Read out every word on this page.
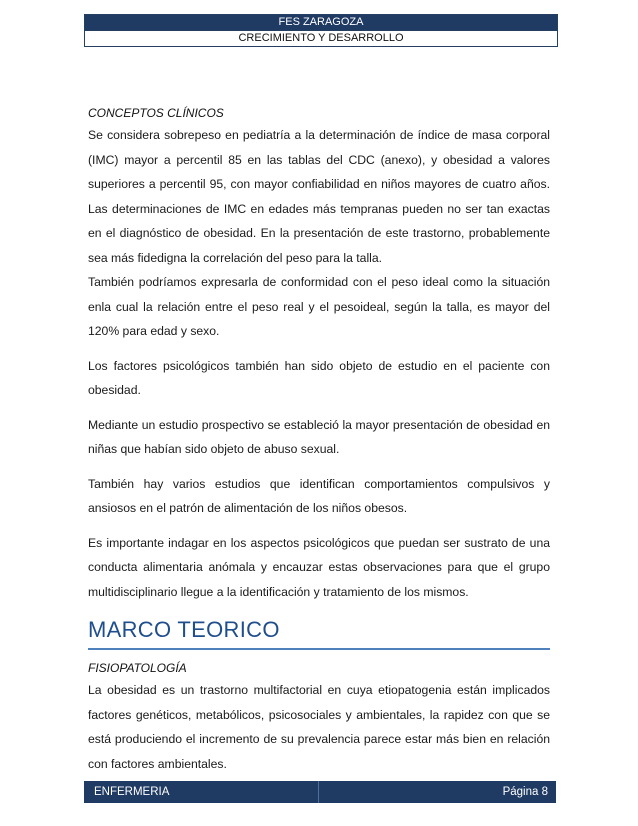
FES ZARAGOZA
CRECIMIENTO Y DESARROLLO
CONCEPTOS CLÍNICOS

Se considera sobrepeso en pediatría a la determinación de índice de masa corporal (IMC) mayor a percentil 85 en las tablas del CDC (anexo), y obesidad a valores superiores a percentil 95, con mayor confiabilidad en niños mayores de cuatro años. Las determinaciones de IMC en edades más tempranas pueden no ser tan exactas en el diagnóstico de obesidad. En la presentación de este trastorno, probablemente sea más fidedigna la correlación del peso para la talla.

También podríamos expresarla de conformidad con el peso ideal como la situación enla cual la relación entre el peso real y el pesoideal, según la talla, es mayor del 120% para edad y sexo.

Los factores psicológicos también han sido objeto de estudio en el paciente con obesidad.

Mediante un estudio prospectivo se estableció la mayor presentación de obesidad en niñas que habían sido objeto de abuso sexual.

También hay varios estudios que identifican comportamientos compulsivos y ansiosos en el patrón de alimentación de los niños obesos.

Es importante indagar en los aspectos psicológicos que puedan ser sustrato de una conducta alimentaria anómala y encauzar estas observaciones para que el grupo multidisciplinario llegue a la identificación y tratamiento de los mismos.

MARCO TEORICO
FISIOPATOLOGÍA

La obesidad es un trastorno multifactorial en cuya etiopatogenia están implicados factores genéticos, metabólicos, psicosociales y ambientales, la rapidez con que se está produciendo el incremento de su prevalencia parece estar más bien en relación con factores ambientales.

ENFERMERIA	Página 8
